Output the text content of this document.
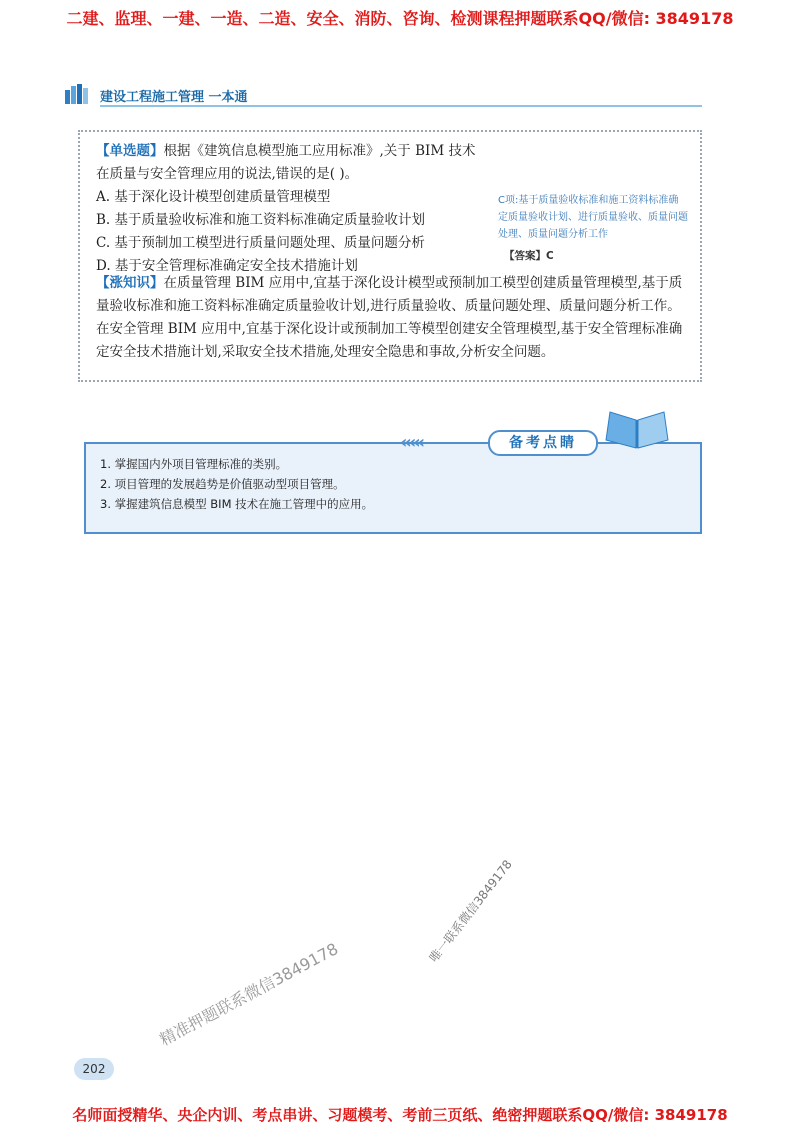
二建、监理、一建、一造、二造、安全、消防、咨询、检测课程押题联系QQ/微信: 3849178
建设工程施工管理 一本通
【单选题】根据《建筑信息模型施工应用标准》,关于 BIM 技术
在质量与安全管理应用的说法,错误的是( )。
A. 基于深化设计模型创建质量管理模型
B. 基于质量验收标准和施工资料标准确定质量验收计划
C. 基于预制加工模型进行质量问题处理、质量问题分析
D. 基于安全管理标准确定安全技术措施计划
C项:基于质量验收标准和施工资料标准确定质量验收计划、进行质量验收、质量问题处理、质量问题分析工作
【答案】C
【涨知识】在质量管理 BIM 应用中,宜基于深化设计模型或预制加工模型创建质量管理模型,基于质量验收标准和施工资料标准确定质量验收计划,进行质量验收、质量问题处理、质量问题分析工作。
在安全管理 BIM 应用中,宜基于深化设计或预制加工等模型创建安全管理模型,基于安全管理标准确定安全技术措施计划,采取安全技术措施,处理安全隐患和事故,分析安全问题。
‹‹‹‹‹	备考点睛
1. 掌握国内外项目管理标准的类别。
2. 项目管理的发展趋势是价值驱动型项目管理。
3. 掌握建筑信息模型 BIM 技术在施工管理中的应用。
精准押题联系微信3849178
唯一联系微信3849178
202
名师面授精华、央企内训、考点串讲、习题模考、考前三页纸、绝密押题联系QQ/微信: 3849178
